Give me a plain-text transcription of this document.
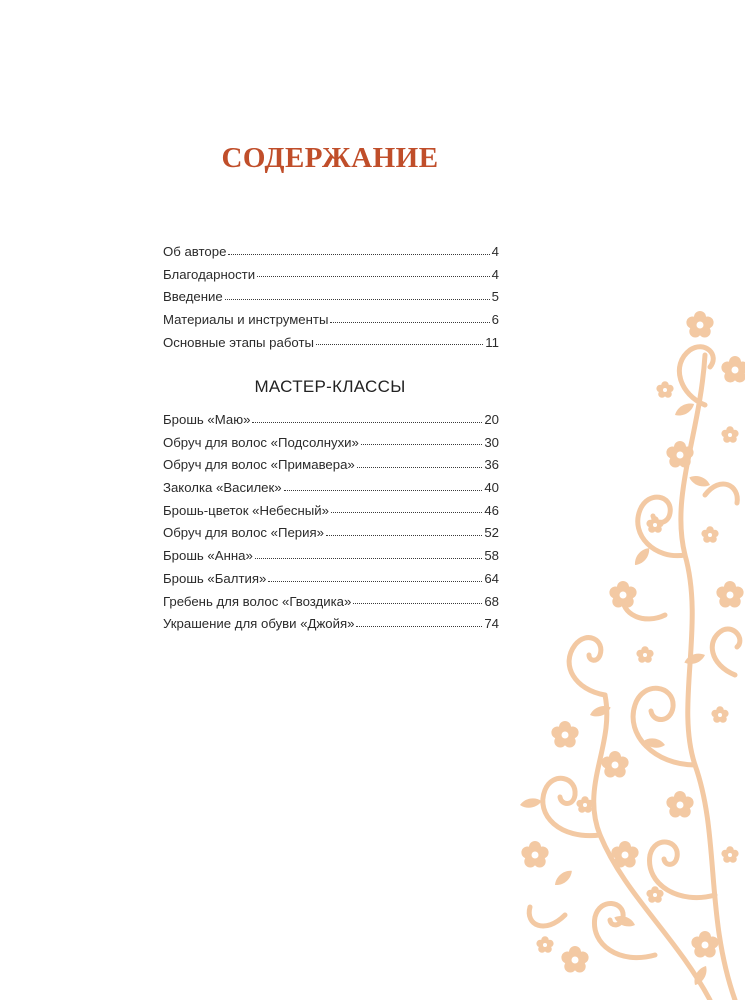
СОДЕРЖАНИЕ
Об авторе	4
Благодарности	4
Введение	5
Материалы и инструменты	6
Основные этапы работы	11
МАСТЕР-КЛАССЫ
Брошь «Маю»	20
Обруч для волос «Подсолнухи»	30
Обруч для волос «Примавера»	36
Заколка «Василек»	40
Брошь-цветок «Небесный»	46
Обруч для волос «Перия»	52
Брошь «Анна»	58
Брошь «Балтия»	64
Гребень для волос «Гвоздика»	68
Украшение для обуви «Джойя»	74
